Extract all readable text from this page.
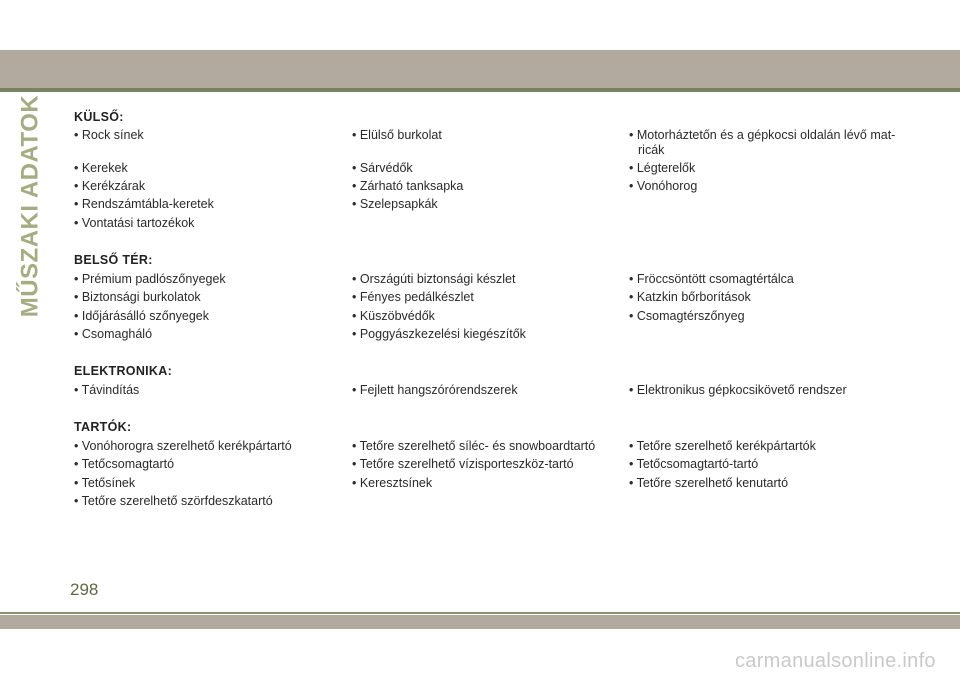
MŰSZAKI ADATOK KÜLSŐ:
• Rock sínek	• Elülső burkolat	• Motorháztetőn és a gépkocsi oldalán lévő mat-
ricák
• Kerekek	• Sárvédők	• Légterelők
• Kerékzárak	• Zárható tanksapka	• Vonóhorog
• Rendszámtábla-keretek	• Szelepsapkák
• Vontatási tartozékok
BELSŐ TÉR:
• Prémium padlószőnyegek	• Országúti biztonsági készlet	• Fröccsöntött csomagtértálca
• Biztonsági burkolatok	• Fényes pedálkészlet	• Katzkin bőrborítások
• Időjárásálló szőnyegek	• Küszöbvédők	• Csomagtérszőnyeg
• Csomagháló	• Poggyászkezelési kiegészítők
ELEKTRONIKA:
• Távindítás	• Fejlett hangszórórendszerek	• Elektronikus gépkocsikövető rendszer
TARTÓK:
• Vonóhorogra szerelhető kerékpártartó	• Tetőre szerelhető síléc- és snowboardtartó	• Tetőre szerelhető kerékpártartók
• Tetőcsomagtartó	• Tetőre szerelhető vízisporteszköz-tartó	• Tetőcsomagtartó-tartó
• Tetősínek	• Keresztsínek	• Tetőre szerelhető kenutartó
• Tetőre szerelhető szörfdeszkatartó
298
carmanualsonline.info
